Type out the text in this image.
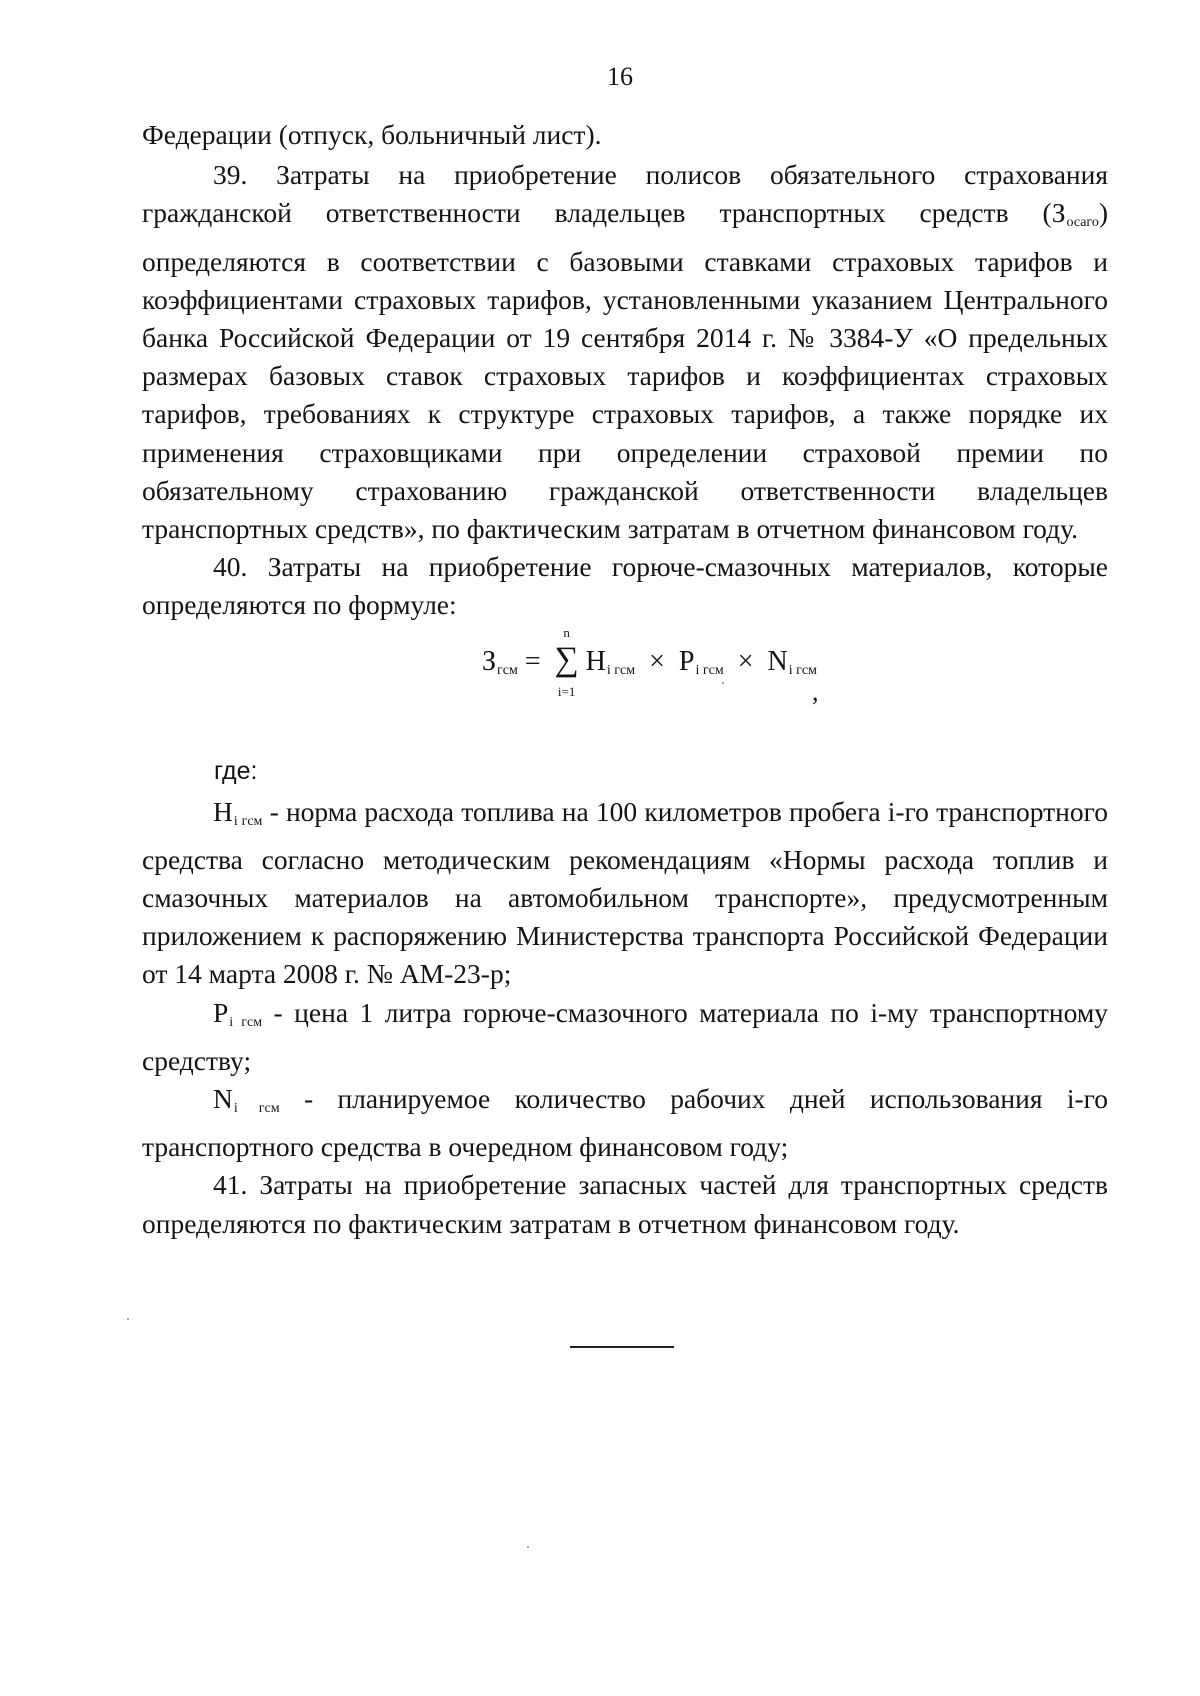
16

Федерации (отпуск, больничный лист).

39. Затраты на приобретение полисов обязательного страхования гражданской ответственности владельцев транспортных средств $(З_{осаго})$ определяются в соответствии с базовыми ставками страховых тарифов и коэффициентами страховых тарифов, установленными указанием Центрального банка Российской Федерации от 19 сентября 2014 г. № 3384-У «О предельных размерах базовых ставок страховых тарифов и коэффициентах страховых тарифов, требованиях к структуре страховых тарифов, а также порядке их применения страховщиками при определении страховой премии по обязательному страхованию гражданской ответственности владельцев транспортных средств», по фактическим затратам в отчетном финансовом году.

40. Затраты на приобретение горюче-смазочных материалов, которые определяются по формуле:

$З_{гсм}$ =
n
∑
i=1
$Н_{i гсм} \times Р_{i гсм} \times N_{i гсм}$
,

где:

$Н_{i гсм}$ - норма расхода топлива на 100 километров пробега i-го транспортного средства согласно методическим рекомендациям «Нормы расхода топлив и смазочных материалов на автомобильном транспорте», предусмотренным приложением к распоряжению Министерства транспорта Российской Федерации от 14 марта 2008 г. № АМ-23-р;

$Р_{i гсм}$ - цена 1 литра горюче-смазочного материала по i-му транспортному средству;

$N_{i гсм}$ - планируемое количество рабочих дней использования i-го транспортного средства в очередном финансовом году;

41. Затраты на приобретение запасных частей для транспортных средств определяются по фактическим затратам в отчетном финансовом году.
